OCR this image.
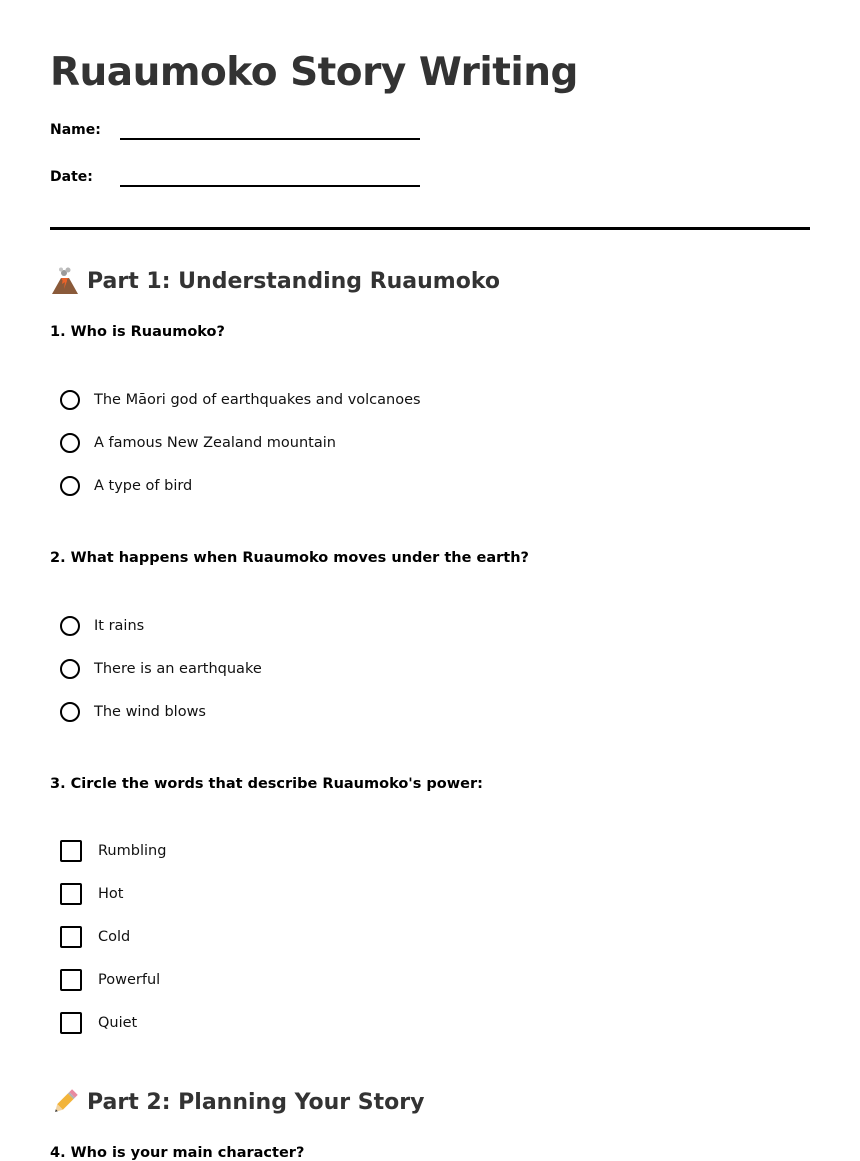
Ruaumoko Story Writing
Name:
Date:
Part 1: Understanding Ruaumoko

1. Who is Ruaumoko?

The Māori god of earthquakes and volcanoes
A famous New Zealand mountain
A type of bird

2. What happens when Ruaumoko moves under the earth?

It rains
There is an earthquake
The wind blows

3. Circle the words that describe Ruaumoko's power:

Rumbling
Hot
Cold
Powerful
Quiet
Part 2: Planning Your Story

4. Who is your main character?
